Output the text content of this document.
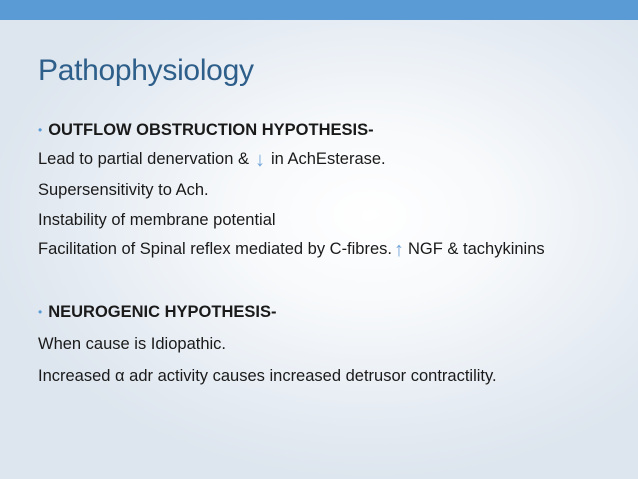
Pathophysiology
• OUTFLOW OBSTRUCTION HYPOTHESIS-
Lead to partial denervation & ↓ in AchEsterase.
Supersensitivity to Ach.
Instability of membrane potential
Facilitation of Spinal reflex mediated by C-fibres. ↑ NGF & tachykinins
• NEUROGENIC HYPOTHESIS-
When cause is Idiopathic.
Increased α adr activity causes increased detrusor contractility.
